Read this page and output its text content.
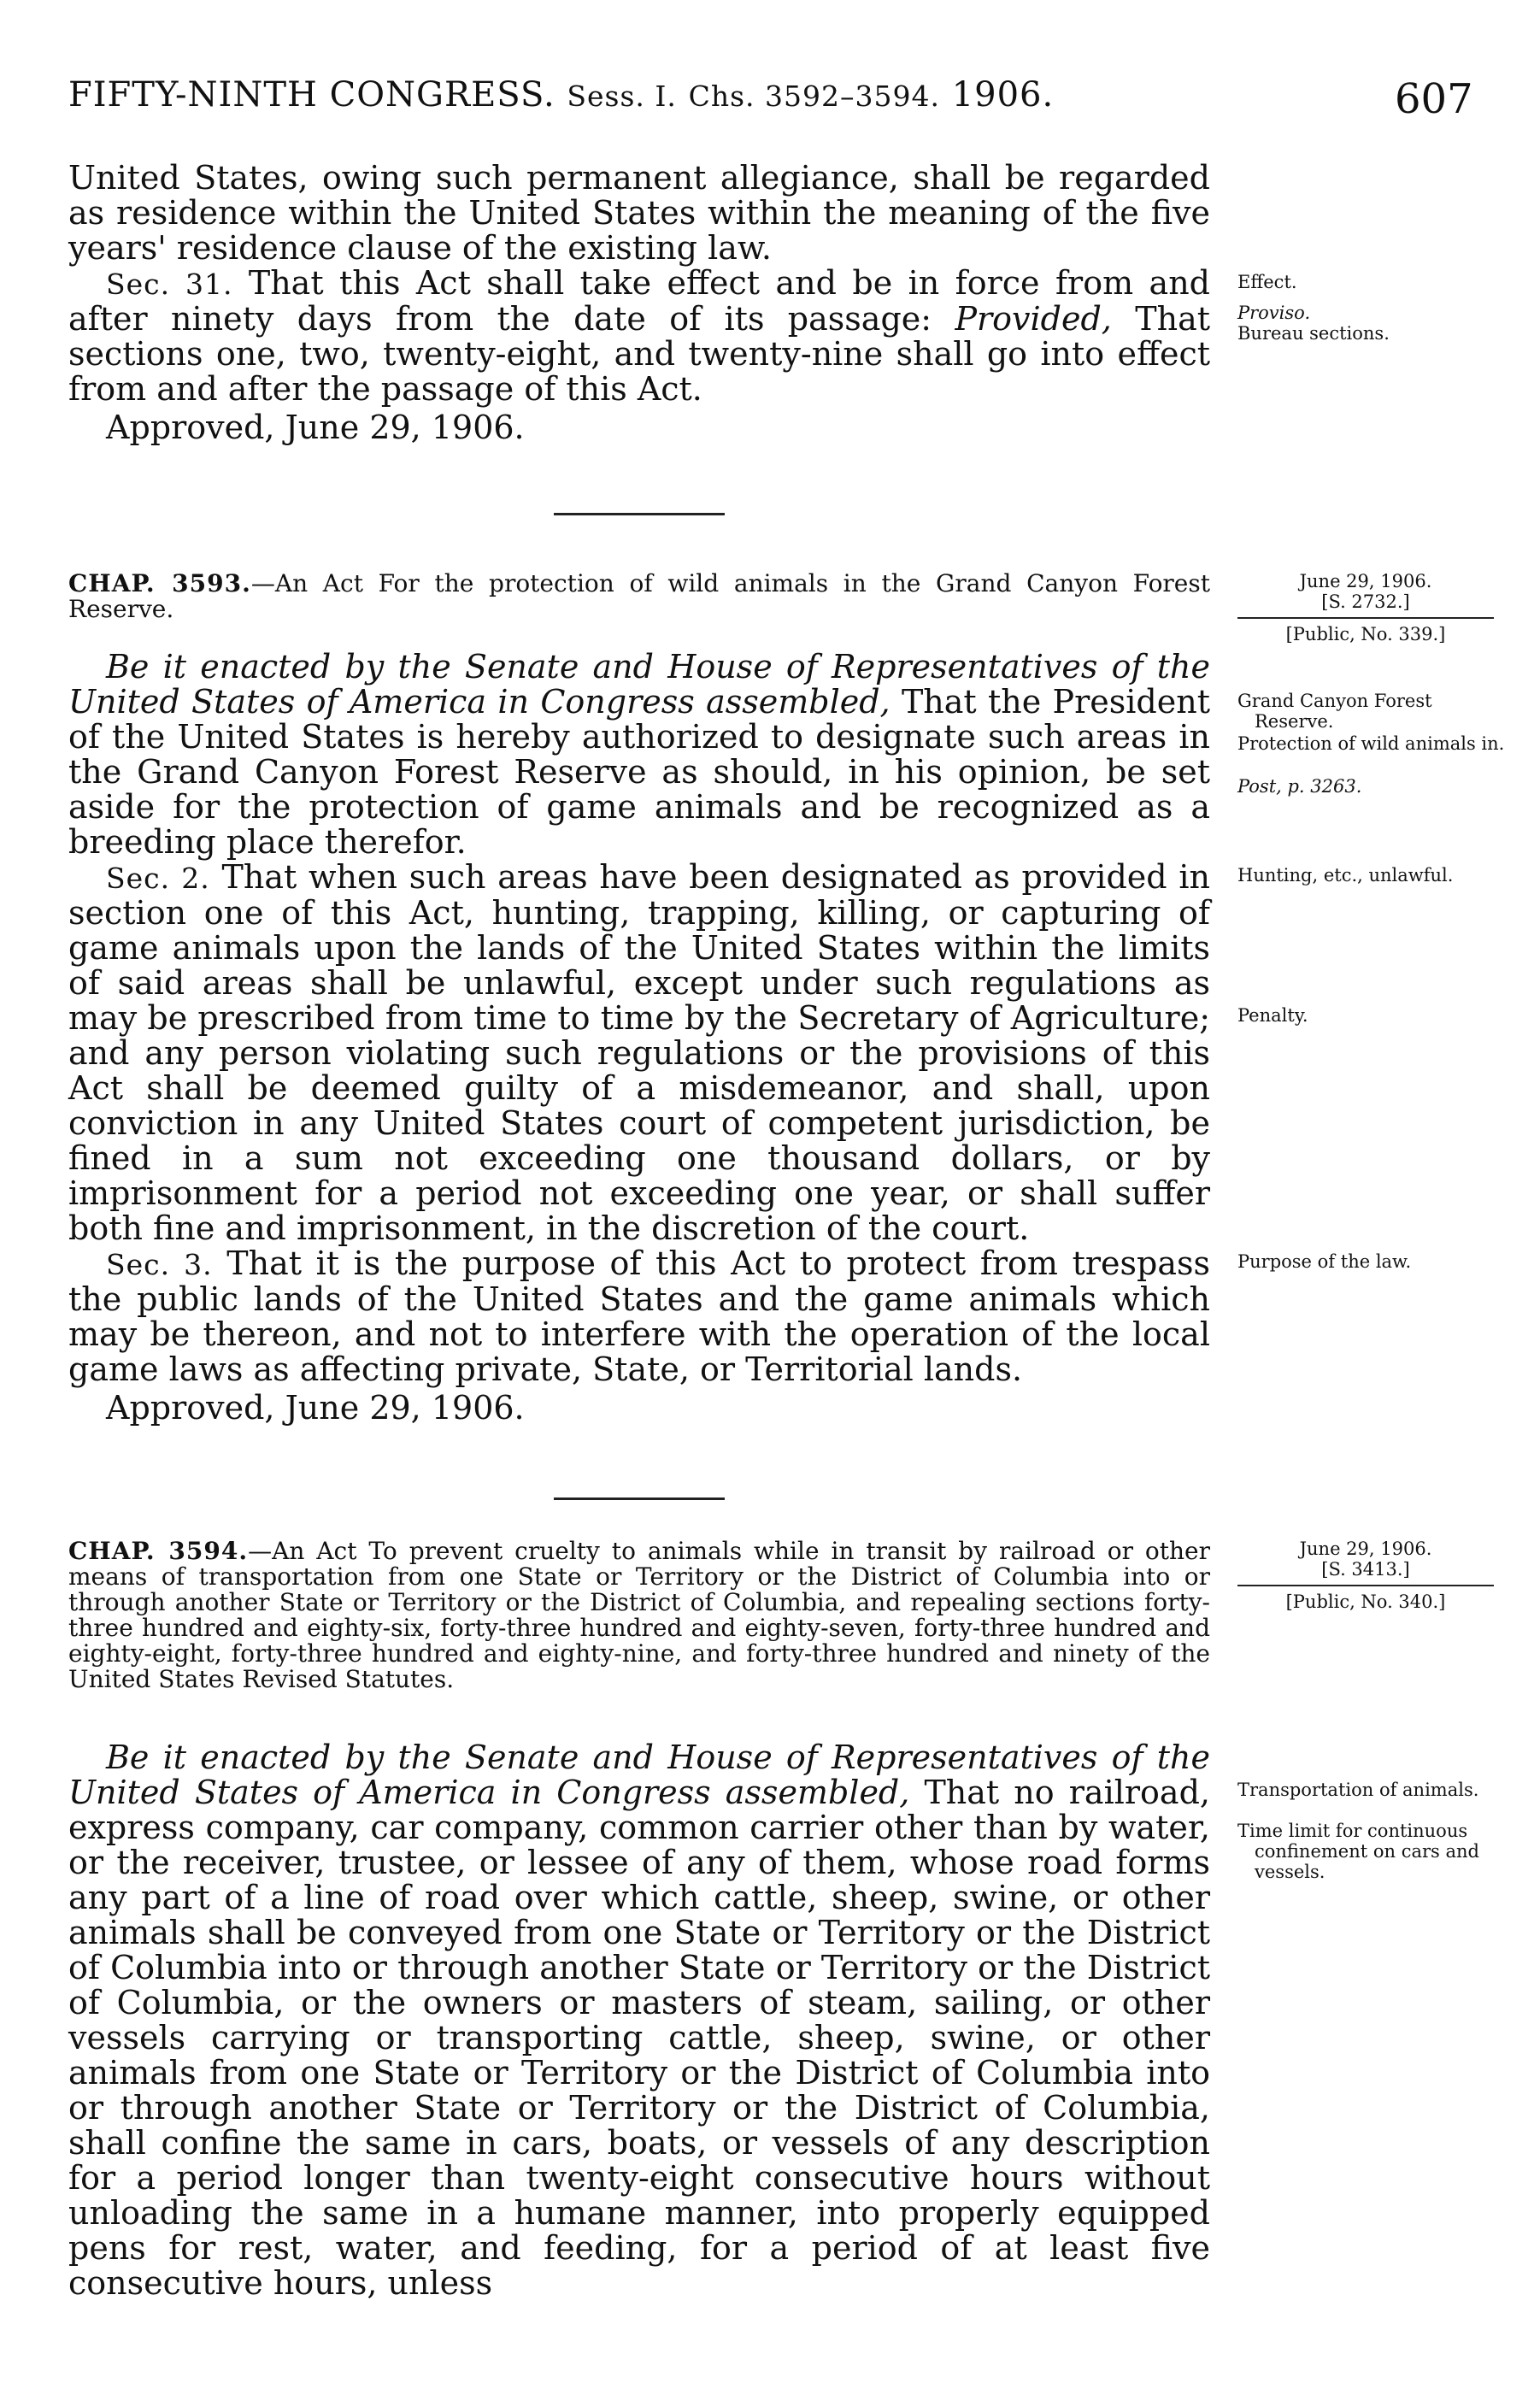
FIFTY-NINTH CONGRESS. Sess. I. Chs. 3592–3594. 1906.	607

United States, owing such permanent allegiance, shall be regarded as residence within the United States within the meaning of the five years' residence clause of the existing law.

Sec. 31. That this Act shall take effect and be in force from and after ninety days from the date of its passage: Provided, That sections one, two, twenty-eight, and twenty-nine shall go into effect from and after the passage of this Act.

Approved, June 29, 1906.

Effect.
Proviso.
Bureau sections.
CHAP. 3593.—An Act For the protection of wild animals in the Grand Canyon Forest Reserve.
June 29, 1906.
[S. 2732.]
[Public, No. 339.]

Be it enacted by the Senate and House of Representatives of the United States of America in Congress assembled, That the President of the United States is hereby authorized to designate such areas in the Grand Canyon Forest Reserve as should, in his opinion, be set aside for the protection of game animals and be recognized as a breeding place therefor.

Sec. 2. That when such areas have been designated as provided in section one of this Act, hunting, trapping, killing, or capturing of game animals upon the lands of the United States within the limits of said areas shall be unlawful, except under such regulations as may be prescribed from time to time by the Secretary of Agriculture; and any person violating such regulations or the provisions of this Act shall be deemed guilty of a misdemeanor, and shall, upon conviction in any United States court of competent jurisdiction, be fined in a sum not exceeding one thousand dollars, or by imprisonment for a period not exceeding one year, or shall suffer both fine and imprisonment, in the discretion of the court.

Sec. 3. That it is the purpose of this Act to protect from trespass the public lands of the United States and the game animals which may be thereon, and not to interfere with the operation of the local game laws as affecting private, State, or Territorial lands.

Approved, June 29, 1906.

Grand Canyon Forest Reserve.
Protection of wild animals in.
Post, p. 3263.
Hunting, etc., unlawful.
Penalty.
Purpose of the law.
CHAP. 3594.—An Act To prevent cruelty to animals while in transit by railroad or other means of transportation from one State or Territory or the District of Columbia into or through another State or Territory or the District of Columbia, and repealing sections forty-three hundred and eighty-six, forty-three hundred and eighty-seven, forty-three hundred and eighty-eight, forty-three hundred and eighty-nine, and forty-three hundred and ninety of the United States Revised Statutes.
June 29, 1906.
[S. 3413.]
[Public, No. 340.]

Be it enacted by the Senate and House of Representatives of the United States of America in Congress assembled, That no railroad, express company, car company, common carrier other than by water, or the receiver, trustee, or lessee of any of them, whose road forms any part of a line of road over which cattle, sheep, swine, or other animals shall be conveyed from one State or Territory or the District of Columbia into or through another State or Territory or the District of Columbia, or the owners or masters of steam, sailing, or other vessels carrying or transporting cattle, sheep, swine, or other animals from one State or Territory or the District of Columbia into or through another State or Territory or the District of Columbia, shall confine the same in cars, boats, or vessels of any description for a period longer than twenty-eight consecutive hours without unloading the same in a humane manner, into properly equipped pens for rest, water, and feeding, for a period of at least five consecutive hours, unless

Transportation of animals.
Time limit for continuous confinement on cars and vessels.
